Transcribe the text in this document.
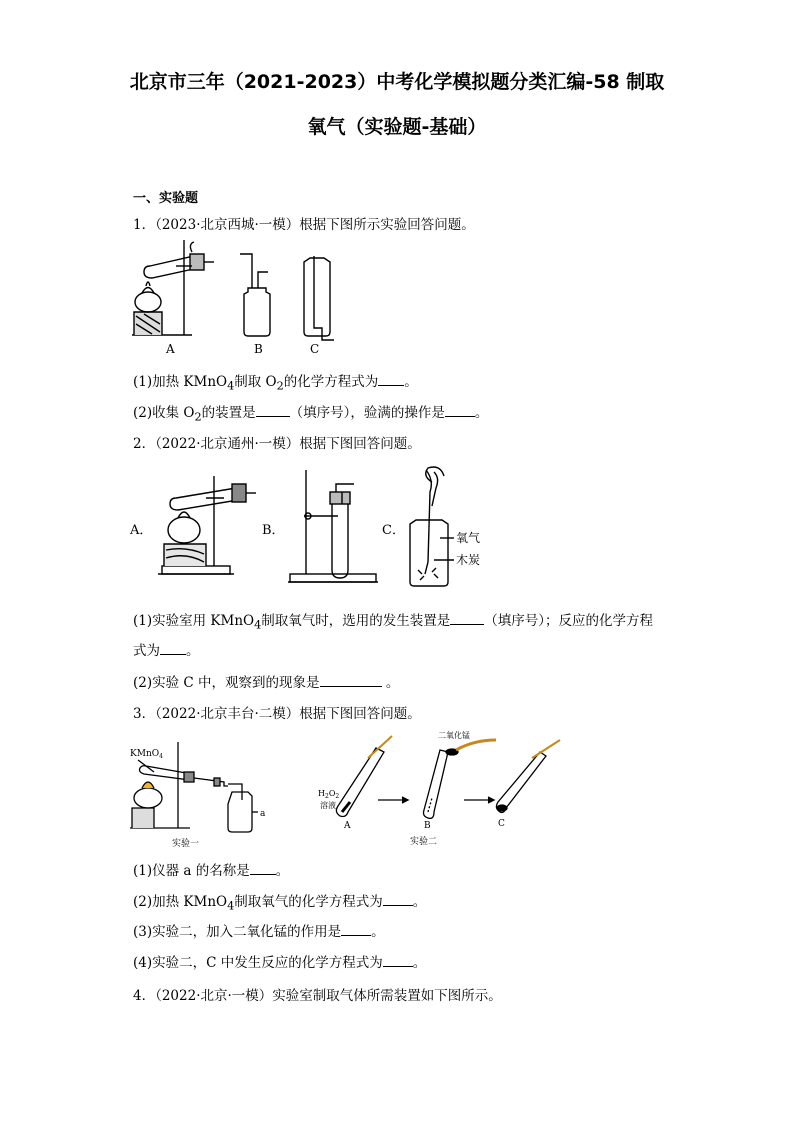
北京市三年（2021-2023）中考化学模拟题分类汇编-58 制取
氧气（实验题-基础）
一、实验题
1．（2023·北京西城·一模）根据下图所示实验回答问题。
A	B	C
(1)加热 KMnO$_4$制取 $O_2$的化学方程式为 。
(2)收集 $O_2$的装置是	（填序号），验满的操作是 。
2．（2022·北京通州·一模）根据下图回答问题。
A．	B．	C．	氧气
木炭
(1)实验室用 KMnO$_4$制取氧气时，选用的发生装置是	（填序号）；反应的化学方程
式为 。
(2)实验 C 中，观察到的现象是	。
3．（2022·北京丰台·二模）根据下图回答问题。
KMnO$_4$
a
实验一
$H_2O_2$
溶液
二氧化锰
A	B	C
实验二
(1)仪器 a 的名称是 。
(2)加热 KMnO$_4$制取氧气的化学方程式为 。
(3)实验二，加入二氧化锰的作用是 。
(4)实验二，C 中发生反应的化学方程式为 。
4．（2022·北京·一模）实验室制取气体所需装置如下图所示。
